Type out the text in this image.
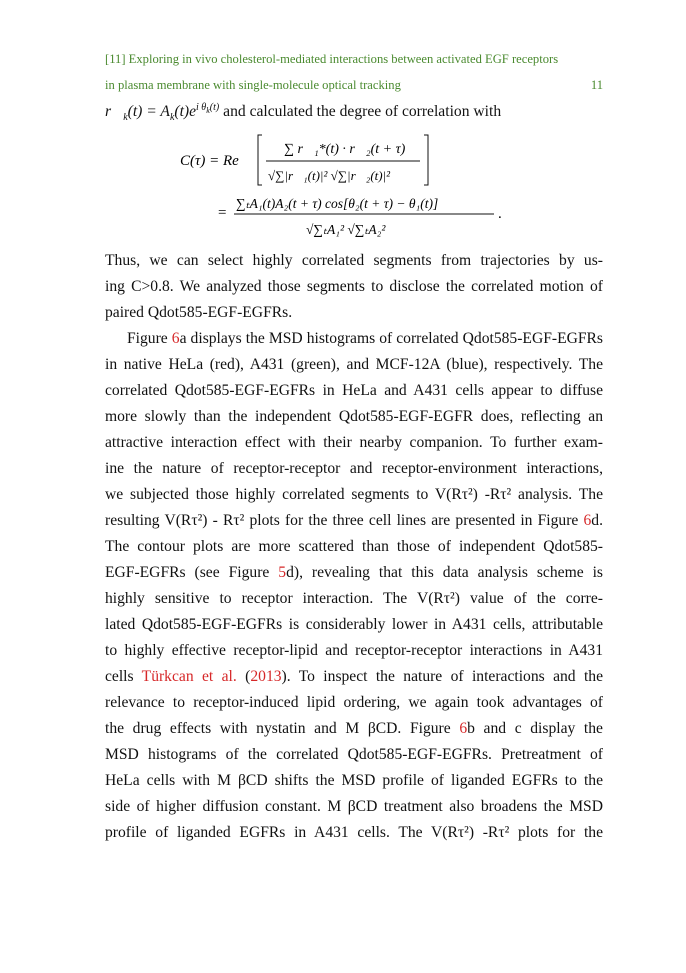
[11] Exploring in vivo cholesterol-mediated interactions between activated EGF receptors
in plasma membrane with single-molecule optical tracking	11
$r⃗_k(t) = A_k(t)e^{i \theta_k(t)}$ and calculated the degree of correlation with
C(τ) = Re
∑ r⃗₁*(t) · r⃗₂(t + τ)
√∑|r⃗₁(t)|² √∑|r⃗₂(t)|²
=
∑ₜA₁(t)A₂(t + τ) cos[θ₂(t + τ) − θ₁(t)]
√∑ₜA₁² √∑ₜA₂²
.
Thus, we can select highly correlated segments from trajectories by us-
ing C>0.8. We analyzed those segments to disclose the correlated motion of
paired Qdot585-EGF-EGFRs.
Figure 6a displays the MSD histograms of correlated Qdot585-EGF-EGFRs
in native HeLa (red), A431 (green), and MCF-12A (blue), respectively. The
correlated Qdot585-EGF-EGFRs in HeLa and A431 cells appear to diffuse
more slowly than the independent Qdot585-EGF-EGFR does, reflecting an
attractive interaction effect with their nearby companion. To further exam-
ine the nature of receptor-receptor and receptor-environment interactions,
we subjected those highly correlated segments to V(Rτ²) -Rτ² analysis. The
resulting V(Rτ²) - Rτ² plots for the three cell lines are presented in Figure 6d.
The contour plots are more scattered than those of independent Qdot585-
EGF-EGFRs (see Figure 5d), revealing that this data analysis scheme is
highly sensitive to receptor interaction. The V(Rτ²) value of the corre-
lated Qdot585-EGF-EGFRs is considerably lower in A431 cells, attributable
to highly effective receptor-lipid and receptor-receptor interactions in A431
cells Türkcan et al. (2013). To inspect the nature of interactions and the
relevance to receptor-induced lipid ordering, we again took advantages of
the drug effects with nystatin and M βCD. Figure 6b and c display the
MSD histograms of the correlated Qdot585-EGF-EGFRs. Pretreatment of
HeLa cells with M βCD shifts the MSD profile of liganded EGFRs to the
side of higher diffusion constant. M βCD treatment also broadens the MSD
profile of liganded EGFRs in A431 cells. The V(Rτ²) -Rτ² plots for the
